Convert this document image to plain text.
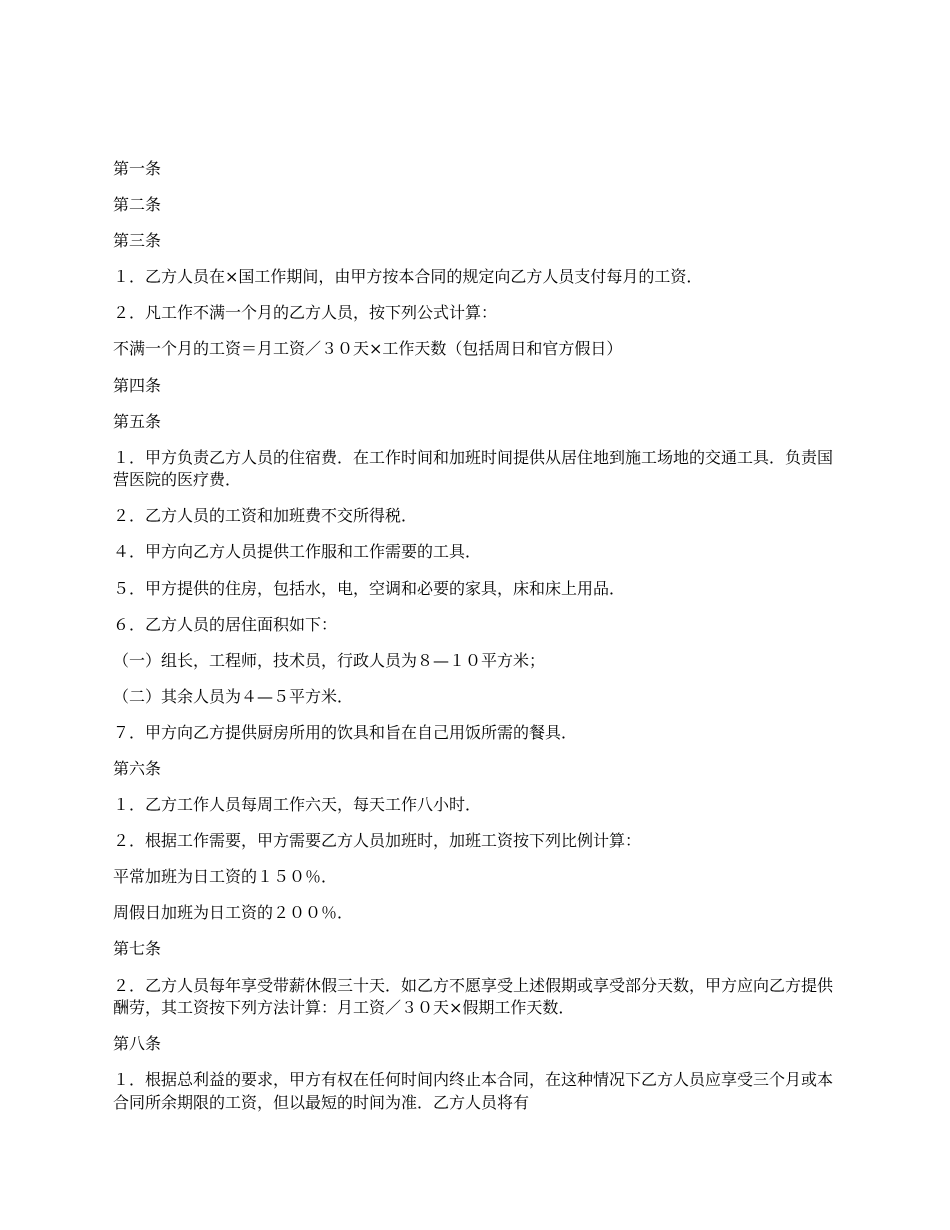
第一条

第二条

第三条

１．乙方人员在×国工作期间，由甲方按本合同的规定向乙方人员支付每月的工资．

２．凡工作不满一个月的乙方人员，按下列公式计算：

不满一个月的工资＝月工资／３０天×工作天数（包括周日和官方假日）

第四条

第五条

１．甲方负责乙方人员的住宿费．在工作时间和加班时间提供从居住地到施工场地的交通工具．负责国营医院的医疗费．

２．乙方人员的工资和加班费不交所得税．

４．甲方向乙方人员提供工作服和工作需要的工具．

５．甲方提供的住房，包括水，电，空调和必要的家具，床和床上用品．

６．乙方人员的居住面积如下：

（一）组长，工程师，技术员，行政人员为８—１０平方米；

（二）其余人员为４—５平方米．

７．甲方向乙方提供厨房所用的饮具和旨在自己用饭所需的餐具．

第六条

１．乙方工作人员每周工作六天，每天工作八小时．

２．根据工作需要，甲方需要乙方人员加班时，加班工资按下列比例计算：

平常加班为日工资的１５０％．

周假日加班为日工资的２００％．

第七条

２．乙方人员每年享受带薪休假三十天．如乙方不愿享受上述假期或享受部分天数，甲方应向乙方提供酬劳，其工资按下列方法计算：月工资／３０天×假期工作天数．

第八条

１．根据总利益的要求，甲方有权在任何时间内终止本合同，在这种情况下乙方人员应享受三个月或本合同所余期限的工资，但以最短的时间为准．乙方人员将有
